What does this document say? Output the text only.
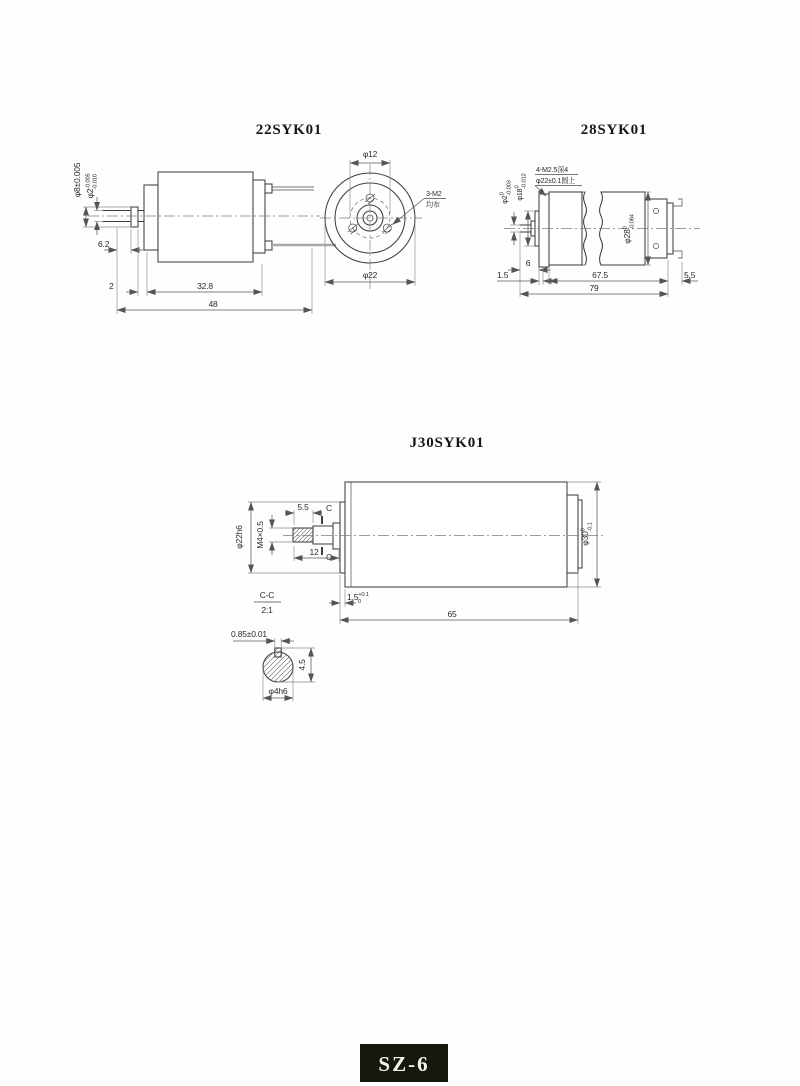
22SYK01
φ8±0.005 $\varphi 2^{-0.005}-0.010$
6.2
2	32.8
48
φ12
φ22
3-M2
均布
28SYK01
$\varphi 2^0-0.003$ $\varphi 18^0-0.012$
4-M2.5深4
φ22±0.1圆上
$\varphi 28^0-0.084$
6
1.5	67.5	5.5
79
J30SYK01
φ22h6 M4×0.5
5.5 C
C
12
C-C
2:1
$1.5^{+0.1}$ 0
65
$\varphi 30^0-0.1$
0.85±0.01
4.5
φ4h6
SZ-6
